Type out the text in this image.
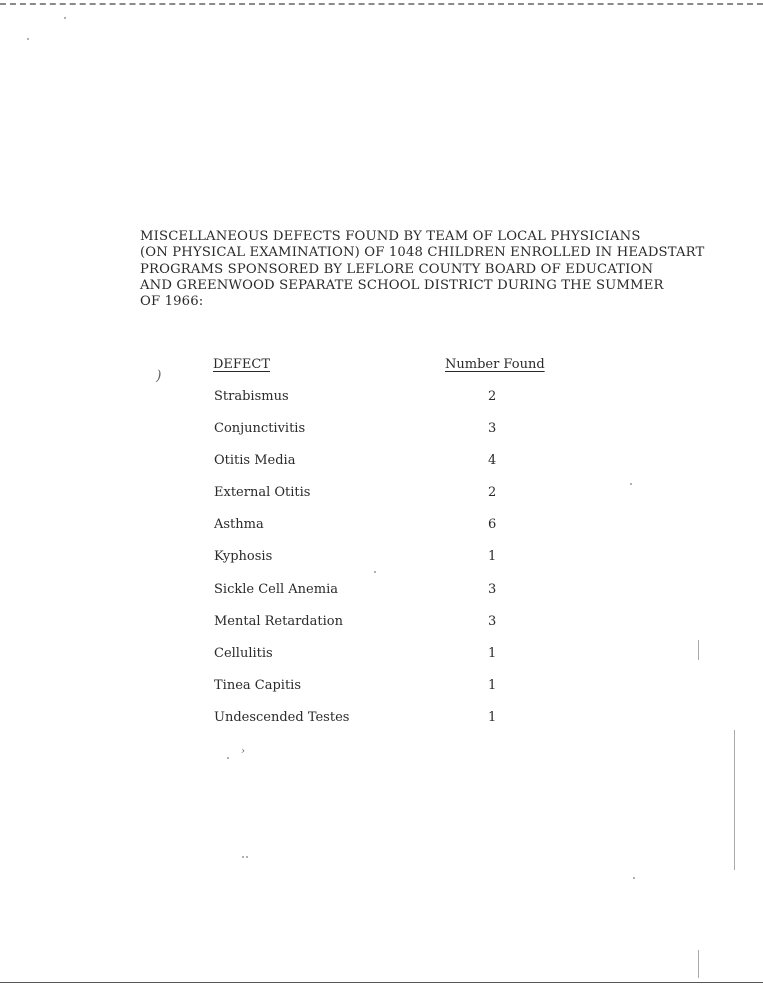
)
›

MISCELLANEOUS DEFECTS FOUND BY TEAM OF LOCAL PHYSICIANS
(ON PHYSICAL EXAMINATION) OF 1048 CHILDREN ENROLLED IN HEADSTART
PROGRAMS SPONSORED BY LEFLORE COUNTY BOARD OF EDUCATION
AND GREENWOOD SEPARATE SCHOOL DISTRICT DURING THE SUMMER
OF 1966:

DEFECT	Number Found
Strabismus	2
Conjunctivitis	3
Otitis Media	4
External Otitis	2
Asthma	6
Kyphosis	1
Sickle Cell Anemia	3
Mental Retardation	3
Cellulitis	1
Tinea Capitis	1
Undescended Testes	1
